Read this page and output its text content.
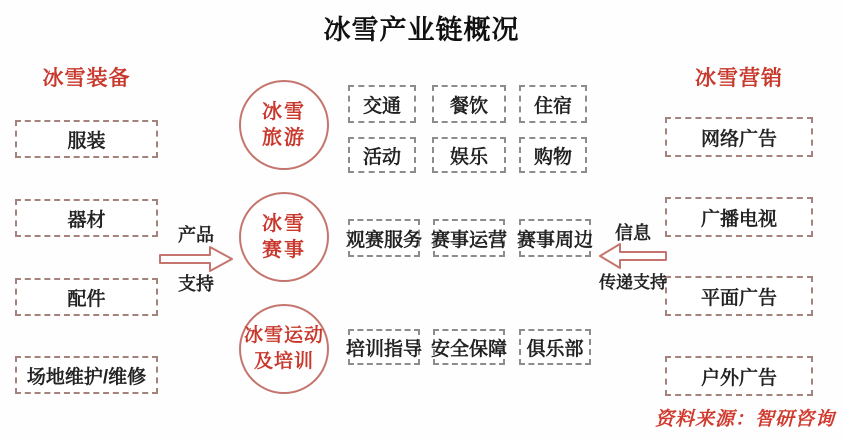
冰雪产业链概况
冰雪装备
服装
器材
配件
场地维护/维修
冰雪
旅游
冰雪
赛事
冰雪运动
及培训
交通	餐饮	住宿
活动	娱乐	购物
观赛服务 赛事运营 赛事周边
培训指导 安全保障	俱乐部
冰雪营销
网络广告
广播电视
平面广告
户外广告
产品
支持
信息
传递支持
资料来源：智研咨询
